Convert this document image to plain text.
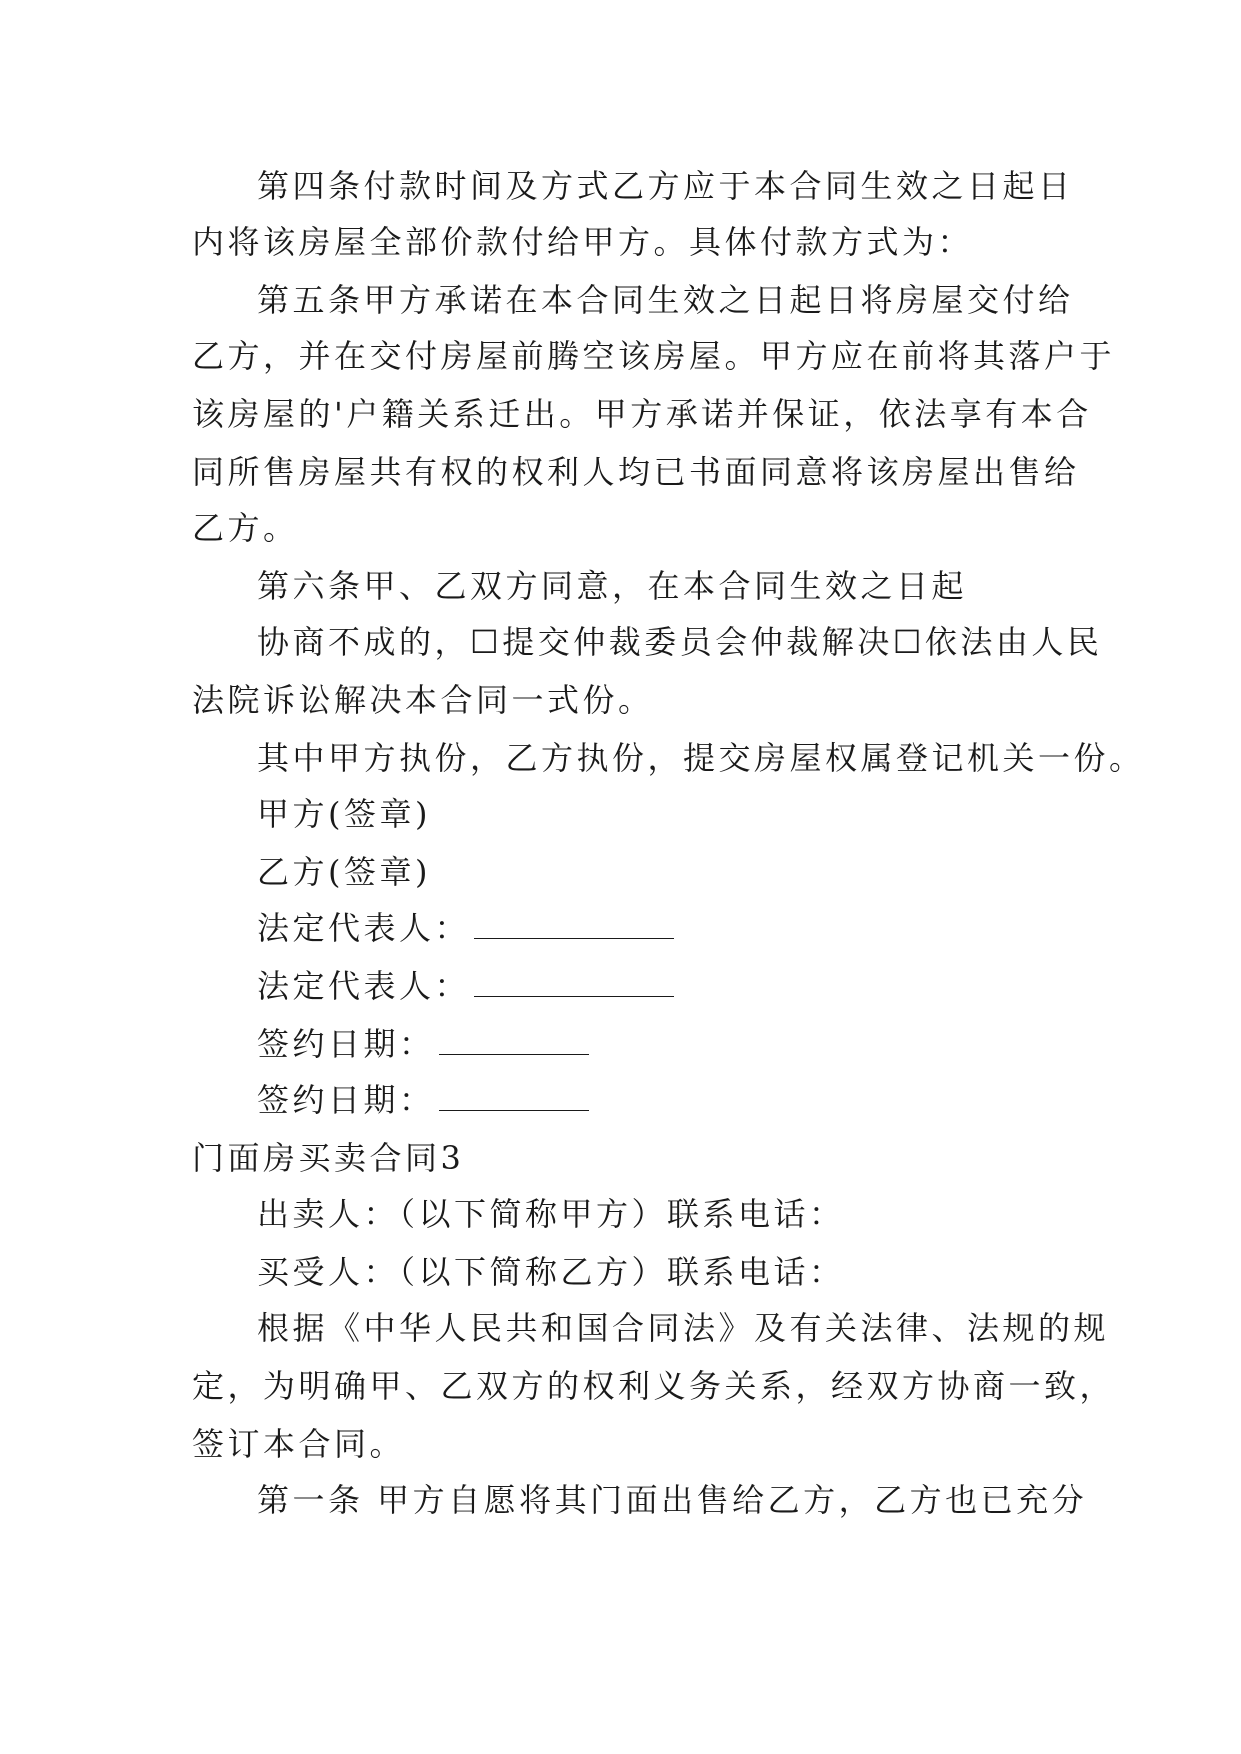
第四条付款时间及方式乙方应于本合同生效之日起日
内将该房屋全部价款付给甲方。具体付款方式为：
第五条甲方承诺在本合同生效之日起日将房屋交付给
乙方，并在交付房屋前腾空该房屋。甲方应在前将其落户于
该房屋的'户籍关系迁出。甲方承诺并保证，依法享有本合
同所售房屋共有权的权利人均已书面同意将该房屋出售给
乙方。
第六条甲、乙双方同意，在本合同生效之日起
协商不成的，☐提交仲裁委员会仲裁解决☐依法由人民
法院诉讼解决本合同一式份。
其中甲方执份，乙方执份，提交房屋权属登记机关一份。
甲方(签章)
乙方(签章)
法定代表人：
法定代表人：
签约日期：
签约日期：
门面房买卖合同3
出卖人：（以下简称甲方）联系电话：
买受人：（以下简称乙方）联系电话：
根据《中华人民共和国合同法》及有关法律、法规的规
定，为明确甲、乙双方的权利义务关系，经双方协商一致，
签订本合同。
第一条 甲方自愿将其门面出售给乙方，乙方也已充分
